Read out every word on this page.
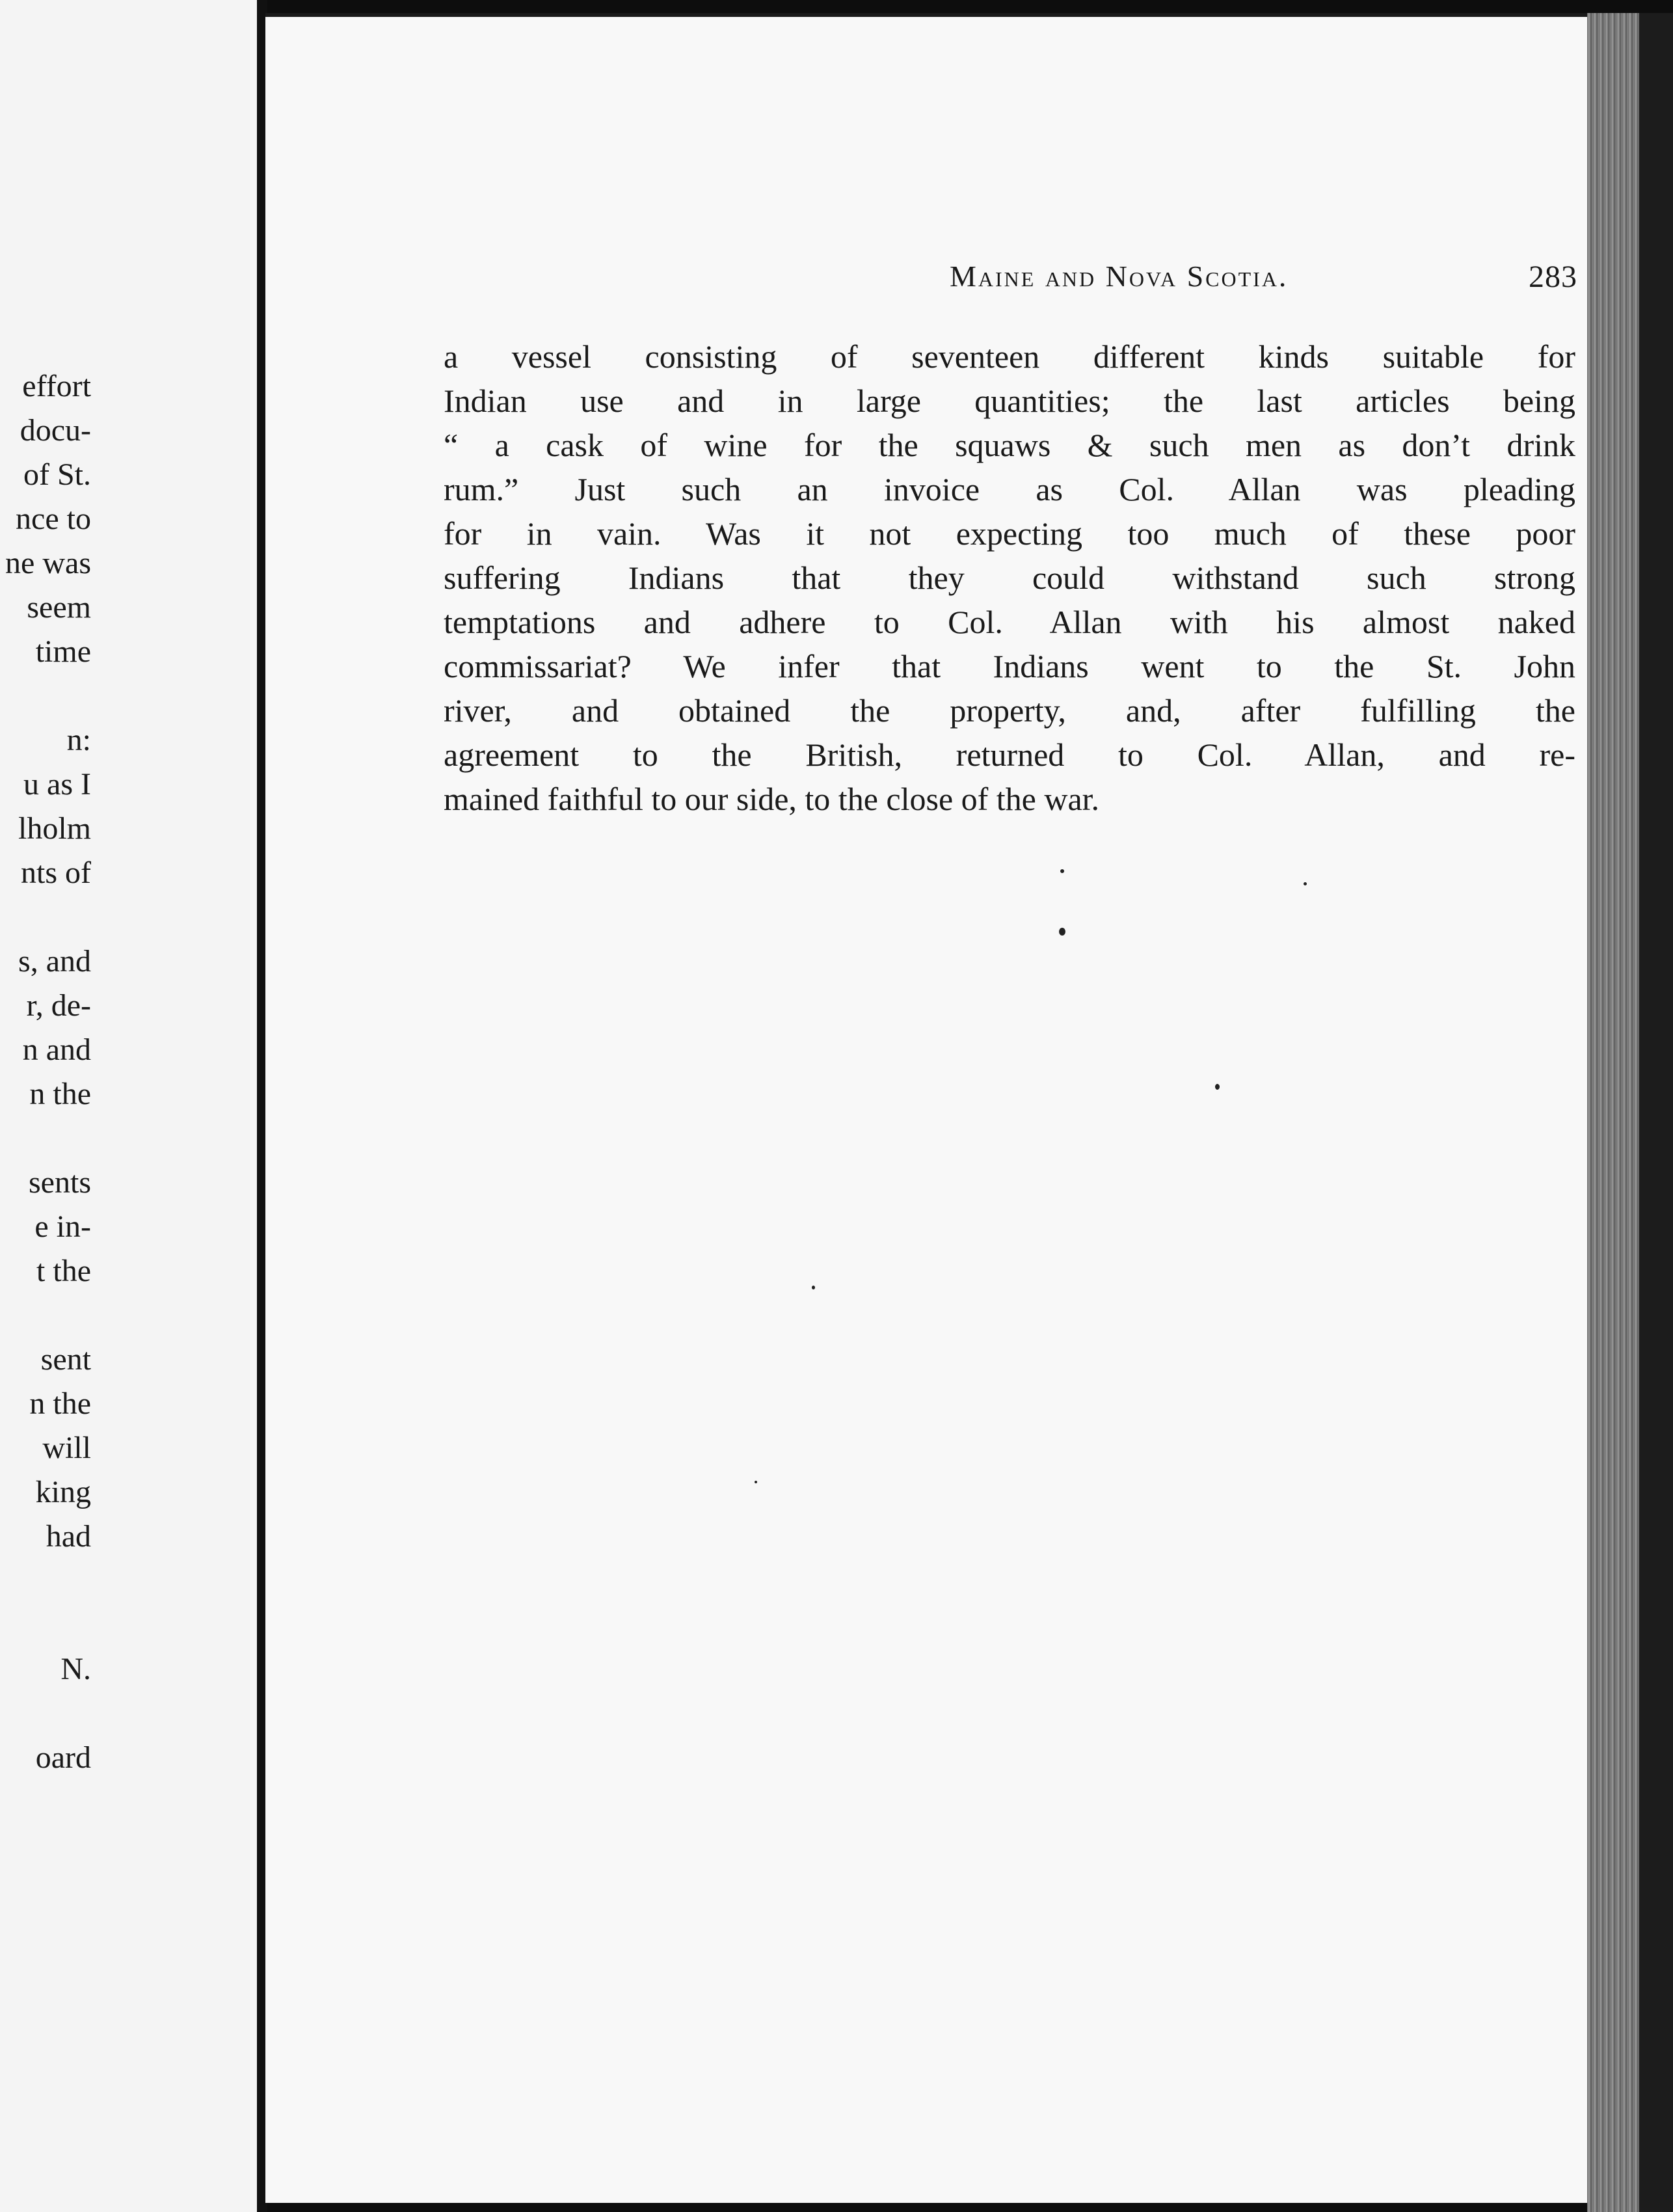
effort
docu-
of St.
nce to
ne was
seem
time
n:
u as I
lholm
nts of
s, and
r, de-
n and
n the
sents
e in-
t the
sent
n the
will
king
had
N.
oard
Maine and Nova Scotia.	283
a vessel consisting of seventeen different kinds suitable for
Indian use and in large quantities; the last articles being
“ a cask of wine for the squaws & such men as don’t drink
rum.” Just such an invoice as Col. Allan was pleading
for in vain. Was it not expecting too much of these poor
suffering Indians that they could withstand such strong
temptations and adhere to Col. Allan with his almost naked
commissariat? We infer that Indians went to the St. John
river, and obtained the property, and, after fulfilling the
agreement to the British, returned to Col. Allan, and re-
mained faithful to our side, to the close of the war.
